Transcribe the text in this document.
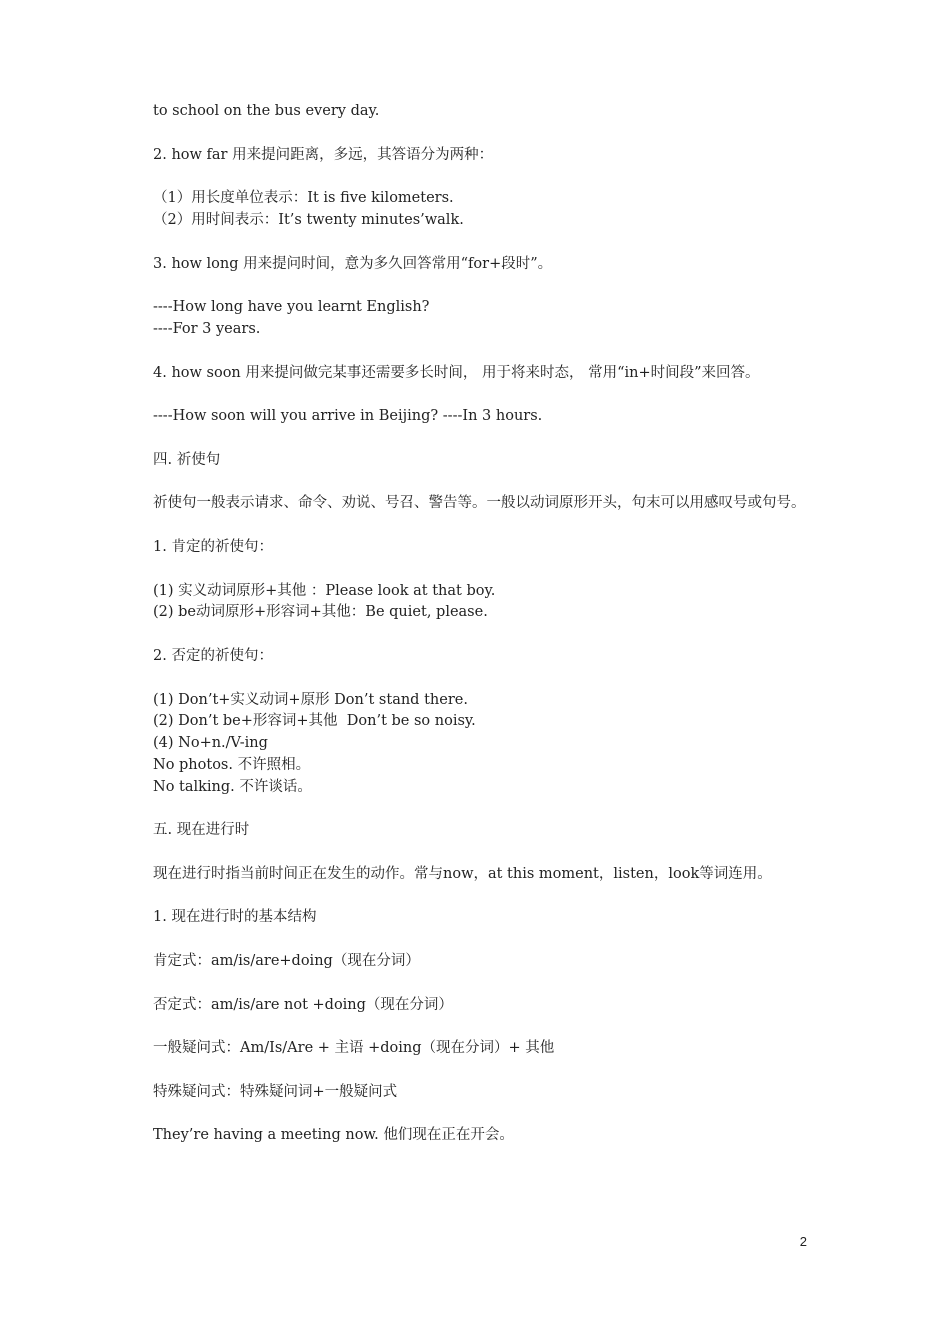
to school on the bus every day.

2. how far 用来提问距离，多远，其答语分为两种：

（1）用长度单位表示：It is five kilometers.

（2）用时间表示：It’s twenty minutes’walk.

3. how long 用来提问时间，意为多久回答常用“for+段时”。

----How long have you learnt English?

----For 3 years.

4. how soon 用来提问做完某事还需要多长时间， 用于将来时态， 常用“in+时间段”来回答。

----How soon will you arrive in Beijing? ----In 3 hours.

四. 祈使句

祈使句一般表示请求、命令、劝说、号召、警告等。一般以动词原形开头，句末可以用感叹号或句号。

1. 肯定的祈使句：

(1) 实义动词原形+其他 ：Please look at that boy.

(2) be动词原形+形容词+其他：Be quiet, please.

2. 否定的祈使句：

(1) Don’t+实义动词+原形 Don’t stand there.

(2) Don’t be+形容词+其他  Don’t be so noisy.

(4) No+n./V-ing

No photos. 不许照相。

No talking. 不许谈话。

五. 现在进行时

现在进行时指当前时间正在发生的动作。常与now，at this moment，listen，look等词连用。

1. 现在进行时的基本结构

肯定式：am/is/are+doing（现在分词）

否定式：am/is/are not +doing（现在分词）

一般疑问式：Am/Is/Are + 主语 +doing（现在分词）+ 其他

特殊疑问式：特殊疑问词+一般疑问式

They’re having a meeting now. 他们现在正在开会。

2
